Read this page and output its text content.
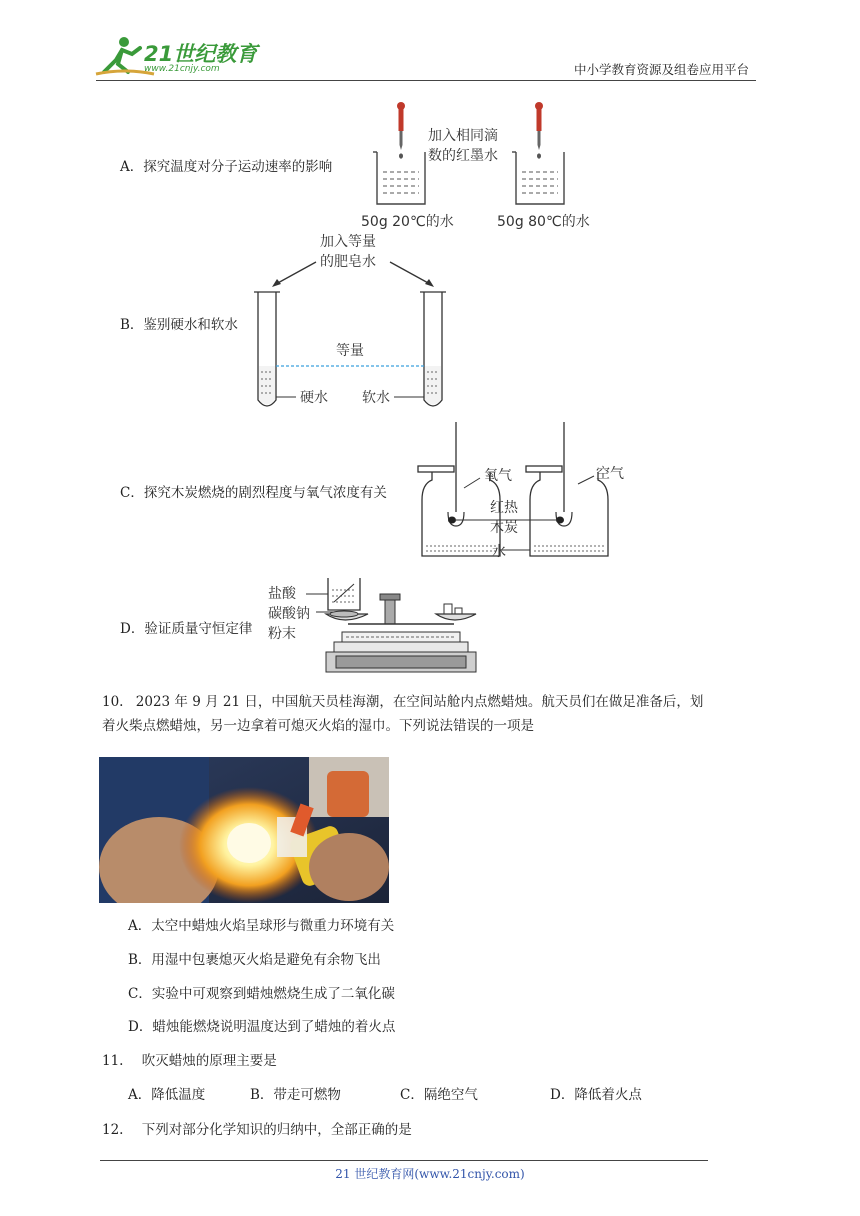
21世纪教育
www.21cnjy.com	中小学教育资源及组卷应用平台
A．探究温度对分子运动速率的影响
加入相同滴
数的红墨水
50g 20℃的水	50g 80℃的水
B．鉴别硬水和软水
加入等量
的肥皂水
等量
硬水 软水
C．探究木炭燃烧的剧烈程度与氧气浓度有关
氧气	空气
红热
木炭
水
D．验证质量守恒定律
盐酸
碳酸钠
粉末
10. 2023 年 9 月 21 日，中国航天员桂海潮，在空间站舱内点燃蜡烛。航天员们在做足准备后，划
着火柴点燃蜡烛，另一边拿着可熄灭火焰的湿巾。下列说法错误的一项是
A．太空中蜡烛火焰呈球形与微重力环境有关
B．用湿中包裹熄灭火焰是避免有余物飞出
C．实验中可观察到蜡烛燃烧生成了二氧化碳
D．蜡烛能燃烧说明温度达到了蜡烛的着火点
11. 吹灭蜡烛的原理主要是
A．降低温度	B．带走可燃物	C．隔绝空气	D．降低着火点
12. 下列对部分化学知识的归纳中，全部正确的是
21 世纪教育网(www.21cnjy.com)
